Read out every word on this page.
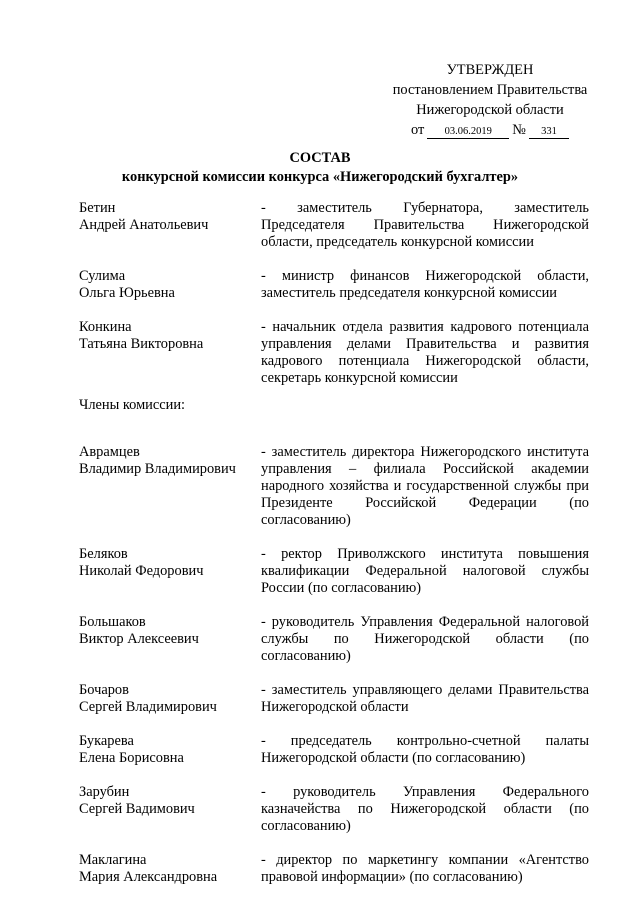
УТВЕРЖДЕН
постановлением Правительства
Нижегородской области
от	03.06.2019	№	331
СОСТАВ
конкурсной комиссии конкурса «Нижегородский бухгалтер»
Бетин
Андрей Анатольевич
- заместитель Губернатора, заместитель Председателя Правительства Нижегородской области, председатель конкурсной комиссии
Сулима
Ольга Юрьевна
- министр финансов Нижегородской области, заместитель председателя конкурсной комиссии
Конкина
Татьяна Викторовна
- начальник отдела развития кадрового потенциала управления делами Правительства и развития кадрового потенциала Нижегородской области, секретарь конкурсной комиссии
Члены комиссии:
Аврамцев
Владимир Владимирович
- заместитель директора Нижегородского института управления – филиала Российской академии народного хозяйства и государственной службы при Президенте Российской Федерации (по согласованию)
Беляков
Николай Федорович
- ректор Приволжского института повышения квалификации Федеральной налоговой службы России (по согласованию)
Большаков
Виктор Алексеевич
- руководитель Управления Федеральной налоговой службы по Нижегородской области (по согласованию)
Бочаров
Сергей Владимирович
- заместитель управляющего делами Правительства Нижегородской области
Букарева
Елена Борисовна
- председатель контрольно-счетной палаты Нижегородской области (по согласованию)
Зарубин
Сергей Вадимович
- руководитель Управления Федерального казначейства по Нижегородской области (по согласованию)
Маклагина
Мария Александровна
- директор по маркетингу компании «Агентство правовой информации» (по согласованию)
